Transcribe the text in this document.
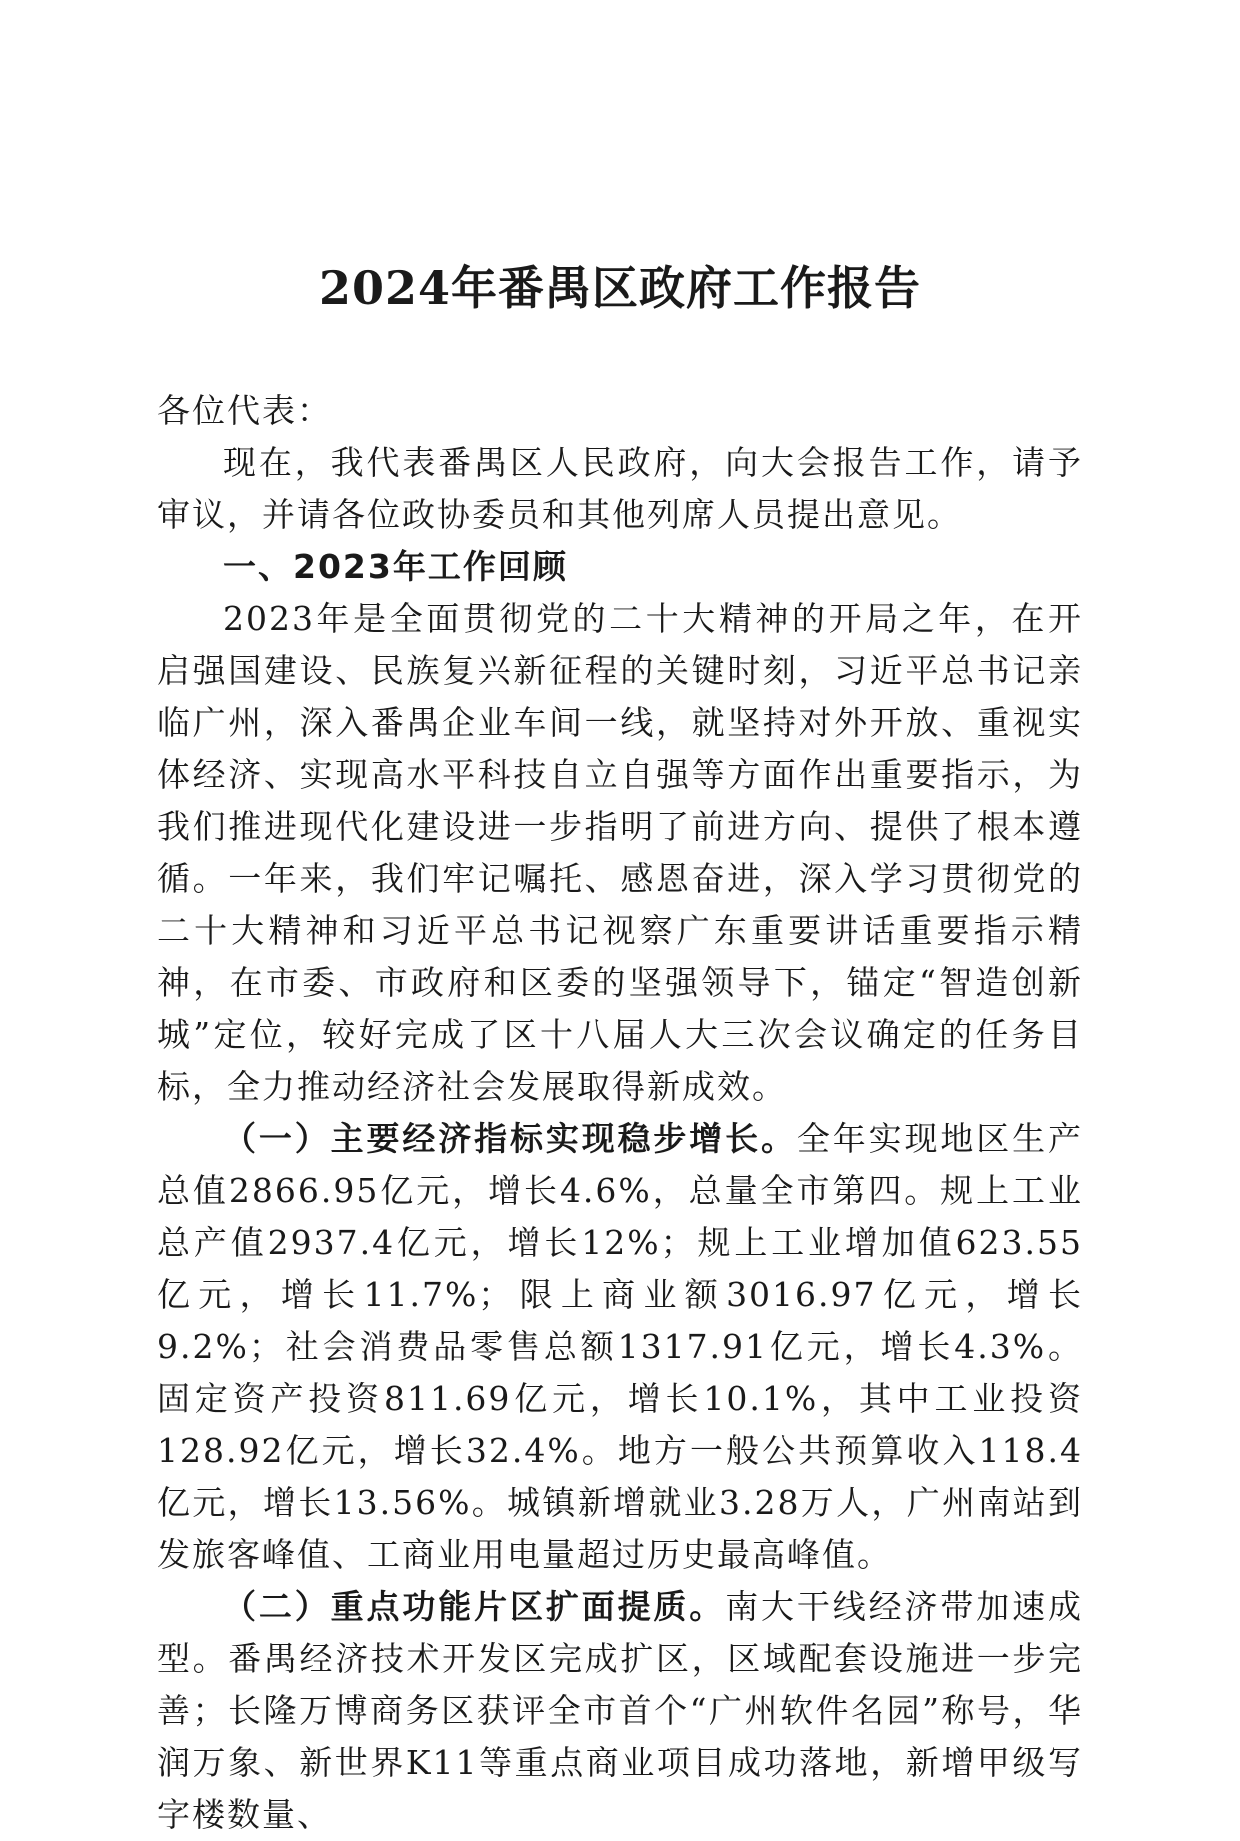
2024年番禺区政府工作报告

各位代表：

现在，我代表番禺区人民政府，向大会报告工作，请予审议，并请各位政协委员和其他列席人员提出意见。

一、2023年工作回顾

2023年是全面贯彻党的二十大精神的开局之年，在开启强国建设、民族复兴新征程的关键时刻，习近平总书记亲临广州，深入番禺企业车间一线，就坚持对外开放、重视实体经济、实现高水平科技自立自强等方面作出重要指示，为我们推进现代化建设进一步指明了前进方向、提供了根本遵循。一年来，我们牢记嘱托、感恩奋进，深入学习贯彻党的二十大精神和习近平总书记视察广东重要讲话重要指示精神，在市委、市政府和区委的坚强领导下，锚定“智造创新城”定位，较好完成了区十八届人大三次会议确定的任务目标，全力推动经济社会发展取得新成效。

（一）主要经济指标实现稳步增长。全年实现地区生产总值2866.95亿元，增长4.6%，总量全市第四。规上工业总产值2937.4亿元，增长12%；规上工业增加值623.55亿元，增长11.7%；限上商业额3016.97亿元，增长9.2%；社会消费品零售总额1317.91亿元，增长4.3%。固定资产投资811.69亿元，增长10.1%，其中工业投资128.92亿元，增长32.4%。地方一般公共预算收入118.4亿元，增长13.56%。城镇新增就业3.28万人，广州南站到发旅客峰值、工商业用电量超过历史最高峰值。

（二）重点功能片区扩面提质。南大干线经济带加速成型。番禺经济技术开发区完成扩区，区域配套设施进一步完善；长隆万博商务区获评全市首个“广州软件名园”称号，华润万象、新世界K11等重点商业项目成功落地，新增甲级写字楼数量、
